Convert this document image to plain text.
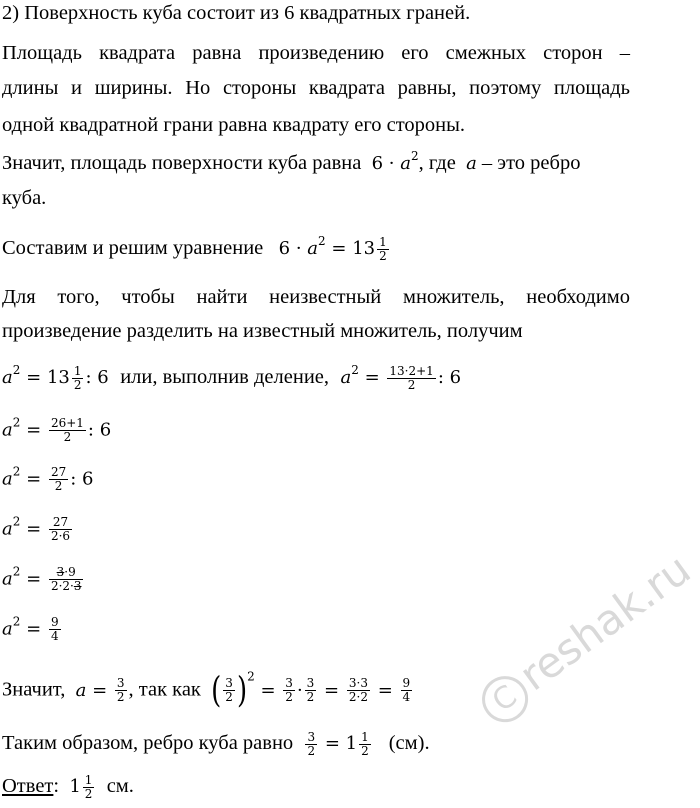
2) Поверхность куба состоит из 6 квадратных граней.
Площадь квадрата равна произведению его смежных сторон –
длины и ширины. Но стороны квадрата равны, поэтому площадь
одной квадратной грани равна квадрату его стороны.
Значит, площадь поверхности куба равна $6 \cdot a^2$, где a – это ребро
куба.
Составим и решим уравнение $6 \cdot a^2 = 13 \frac{1}{2}$
Для того, чтобы найти неизвестный множитель, необходимо
произведение разделить на известный множитель, получим
$a^2 = 13 \frac{1}{2}$ : 6 или, выполнив деление, $a^2 = \frac{13\cdot 2+1}{2}$ : 6
$a^2 = \frac{26+1}{2}$ : 6
$a^2 = \frac{27}{2}$ : 6
$a^2 = \frac{27}{2\cdot 6}$
$a^2 = \frac{3\cdot 9}{2\cdot 2\cdot 3}$
$a^2 = \frac{9}{4}$
Значит, $a = \frac{3}{2}$ , так как ( $\frac{3}{2} )^2 = \frac{3}{2} \cdot \frac{3}{2} = \frac{3\cdot 3}{2\cdot 2} = \frac{9}{4}$
Таким образом, ребро куба равно $\frac{3}{2} = 1 \frac{1}{2} (см)$.
Ответ: $1 \frac{1}{2}$ см.
Creshak.ru
